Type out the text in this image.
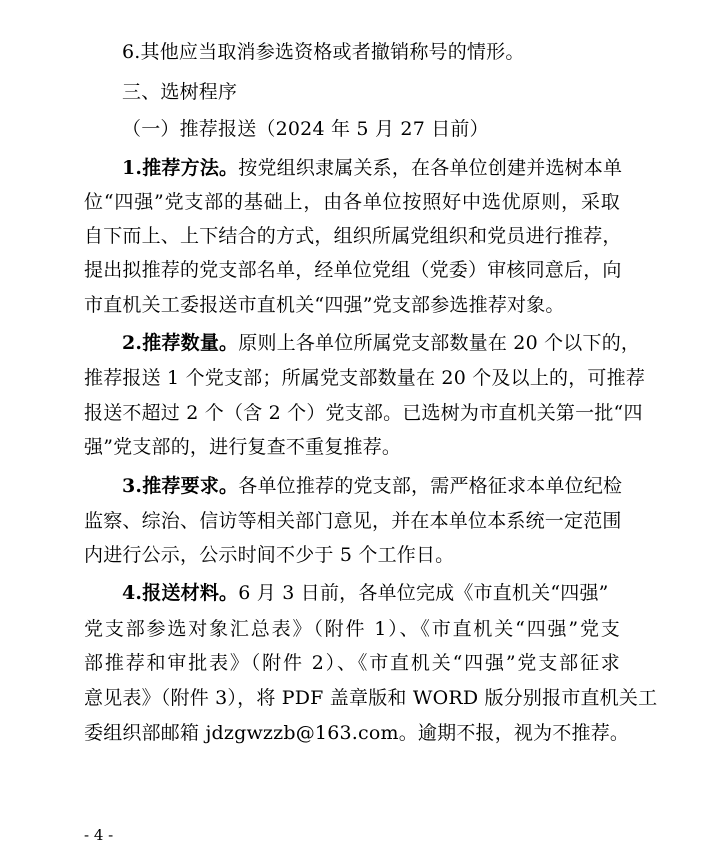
6.其他应当取消参选资格或者撤销称号的情形。
三、选树程序
（一）推荐报送（2024 年 5 月 27 日前）
1.推荐方法。按党组织隶属关系，在各单位创建并选树本单
位“四强”党支部的基础上，由各单位按照好中选优原则，采取
自下而上、上下结合的方式，组织所属党组织和党员进行推荐，
提出拟推荐的党支部名单，经单位党组（党委）审核同意后，向
市直机关工委报送市直机关“四强”党支部参选推荐对象。
2.推荐数量。原则上各单位所属党支部数量在 20 个以下的，
推荐报送 1 个党支部；所属党支部数量在 20 个及以上的，可推荐
报送不超过 2 个（含 2 个）党支部。已选树为市直机关第一批“四
强”党支部的，进行复查不重复推荐。
3.推荐要求。各单位推荐的党支部，需严格征求本单位纪检
监察、综治、信访等相关部门意见，并在本单位本系统一定范围
内进行公示，公示时间不少于 5 个工作日。
4.报送材料。6 月 3 日前，各单位完成《市直机关“四强”
党支部参选对象汇总表》（附件 1）、《市直机关“四强”党支
部推荐和审批表》（附件 2）、《市直机关“四强”党支部征求
意见表》（附件 3），将 PDF 盖章版和 WORD 版分别报市直机关工
委组织部邮箱 jdzgwzzb@163.com。逾期不报，视为不推荐。
- 4 -
